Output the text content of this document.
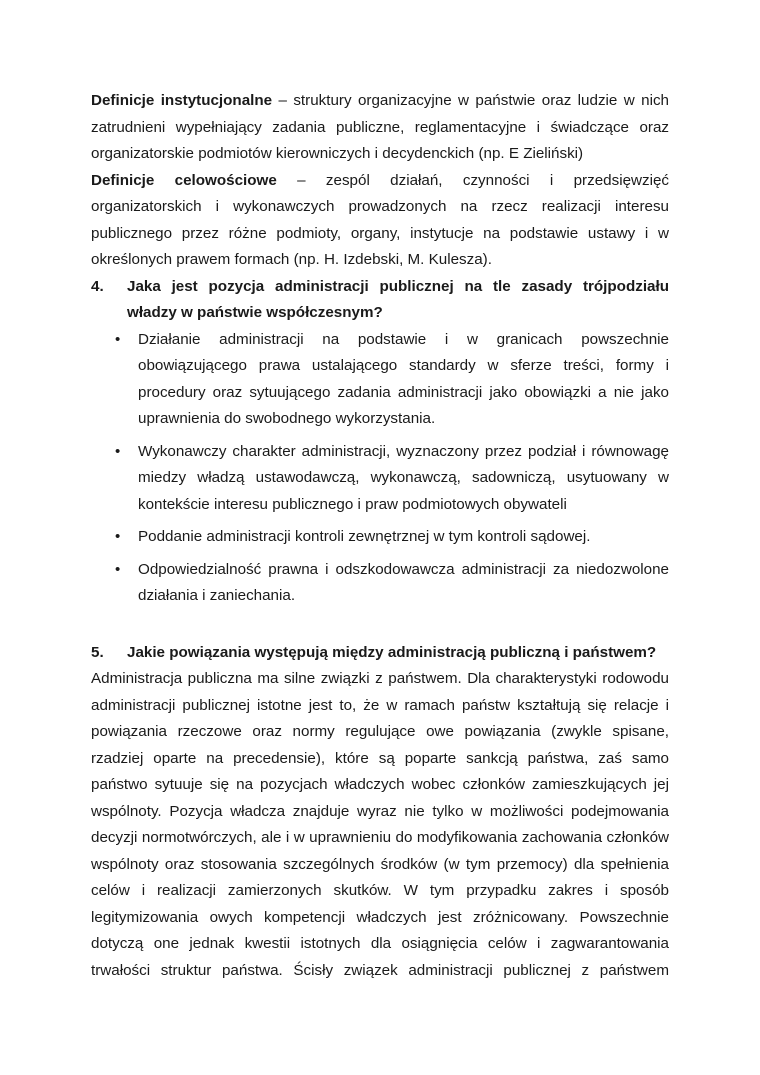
Definicje instytucjonalne – struktury organizacyjne w państwie oraz ludzie w nich zatrudnieni wypełniający zadania publiczne, reglamentacyjne i świadczące oraz organizatorskie podmiotów kierowniczych i decydenckich (np. E Zieliński)

Definicje celowościowe – zespól działań, czynności i przedsięwzięć organizatorskich i wykonawczych prowadzonych na rzecz realizacji interesu publicznego przez różne podmioty, organy, instytucje na podstawie ustawy i w określonych prawem formach (np. H. Izdebski, M. Kulesza).

4.	Jaka jest pozycja administracji publicznej na tle zasady trójpodziału władzy w państwie współczesnym?
•	Działanie administracji na podstawie i w granicach powszechnie obowiązującego prawa ustalającego standardy w sferze treści, formy i procedury oraz sytuującego zadania administracji jako obowiązki a nie jako uprawnienia do swobodnego wykorzystania.
•	Wykonawczy charakter administracji, wyznaczony przez podział i równowagę miedzy władzą ustawodawczą, wykonawczą, sadowniczą, usytuowany w kontekście interesu publicznego i praw podmiotowych obywateli
•	Poddanie administracji kontroli zewnętrznej w tym kontroli sądowej.
•	Odpowiedzialność prawna i odszkodowawcza administracji za niedozwolone działania i zaniechania.
5.	Jakie powiązania występują między administracją publiczną i państwem?

Administracja publiczna ma silne związki z państwem. Dla charakterystyki rodowodu administracji publicznej istotne jest to, że w ramach państw kształtują się relacje i powiązania rzeczowe oraz normy regulujące owe powiązania (zwykle spisane, rzadziej oparte na precedensie), które są poparte sankcją państwa, zaś samo państwo sytuuje się na pozycjach władczych wobec członków zamieszkujących jej wspólnoty. Pozycja władcza znajduje wyraz nie tylko w możliwości podejmowania decyzji normotwórczych, ale i w uprawnieniu do modyfikowania zachowania członków wspólnoty oraz stosowania szczególnych środków (w tym przemocy) dla spełnienia celów i realizacji zamierzonych skutków. W tym przypadku zakres i sposób legitymizowania owych kompetencji władczych jest zróżnicowany. Powszechnie dotyczą one jednak kwestii istotnych dla osiągnięcia celów i zagwarantowania trwałości struktur państwa. Ścisły związek administracji publicznej z państwem
